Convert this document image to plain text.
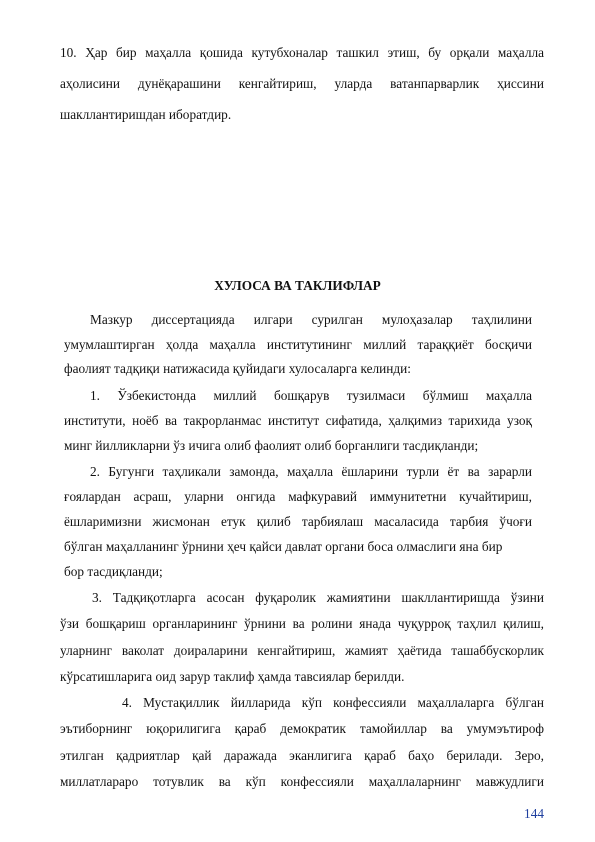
10. Ҳар бир маҳалла қошида кутубхоналар ташкил этиш, бу орқали маҳалла
аҳолисини дунёқарашини кенгайтириш, уларда ватанпарварлик ҳиссини
шакллантиришдан иборатдир.
ХУЛОСА ВА ТАКЛИФЛАР
Мазкур диссертацияда илгари сурилган мулоҳазалар таҳлилини
умумлаштирган ҳолда маҳалла институтининг миллий тараққиёт босқичи
фаолият тадқиқи натижасида қуйидаги хулосаларга келинди:
1. Ўзбекистонда миллий бошқарув тузилмаси бўлмиш маҳалла
институти, ноёб ва такрорланмас институт сифатида, ҳалқимиз тарихида узоқ
минг йилликларни ўз ичига олиб фаолият олиб борганлиги тасдиқланди;
2. Бугунги таҳликали замонда, маҳалла ёшларини турли ёт ва зарарли
ғоялардан асраш, уларни онгида мафкуравий иммунитетни кучайтириш,
ёшларимизни жисмонан етук қилиб тарбиялаш масаласида тарбия ўчоғи
бўлган маҳалланинг ўрнини ҳеч қайси давлат органи боса олмаслиги яна бир
бор тасдиқланди;
3. Тадқиқотларга асосан фуқаролик жамиятини шакллантиришда ўзини
ўзи бошқариш органларининг ўрнини ва ролини янада чуқурроқ таҳлил қилиш,
уларнинг ваколат доираларини кенгайтириш, жамият ҳаётида ташаббускорлик
кўрсатишларига оид зарур таклиф ҳамда тавсиялар берилди.
4. Мустақиллик йилларида кўп конфессияли маҳаллаларга бўлган
эътиборнинг юқорилигига қараб демократик тамойиллар ва умумэътироф
этилган қадриятлар қай даражада эканлигига қараб баҳо берилади. Зеро,
миллатлараро тотувлик ва кўп конфессияли маҳаллаларнинг мавжудлиги
144
